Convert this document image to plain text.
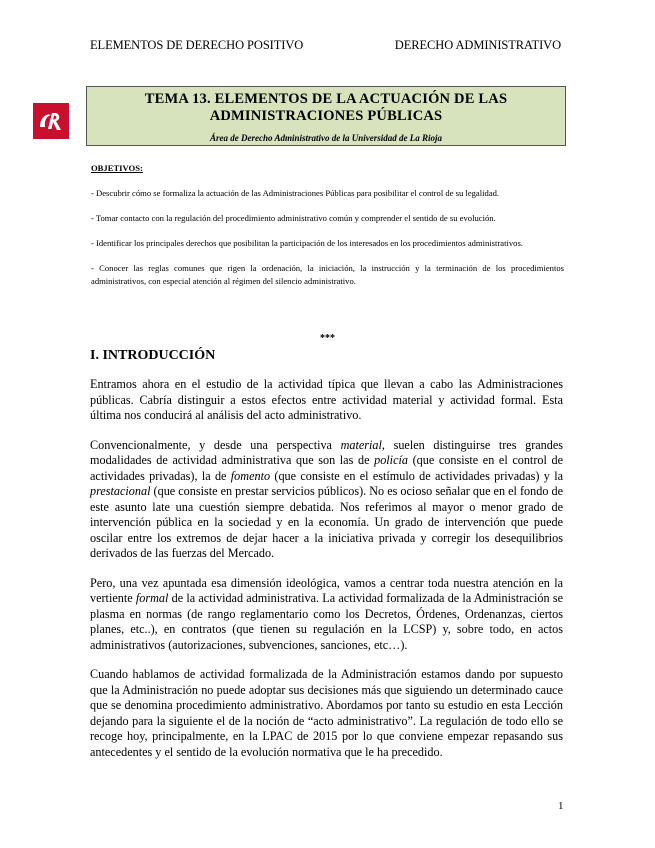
ELEMENTOS DE DERECHO POSITIVO	DERECHO ADMINISTRATIVO
TEMA 13. ELEMENTOS DE LA ACTUACIÓN DE LAS
ADMINISTRACIONES PÚBLICAS
Área de Derecho Administrativo de la Universidad de La Rioja

OBJETIVOS:

- Descubrir cómo se formaliza la actuación de las Administraciones Públicas para posibilitar el control de su legalidad.

- Tomar contacto con la regulación del procedimiento administrativo común y comprender el sentido de su evolución.

- Identificar los principales derechos que posibilitan la participación de los interesados en los procedimientos administrativos.

- Conocer las reglas comunes que rigen la ordenación, la iniciación, la instrucción y la terminación de los procedimientos administrativos, con especial atención al régimen del silencio administrativo.

***
I. INTRODUCCIÓN

Entramos ahora en el estudio de la actividad típica que llevan a cabo las Administraciones públicas. Cabría distinguir a estos efectos entre actividad material y actividad formal. Esta última nos conducirá al análisis del acto administrativo.

Convencionalmente, y desde una perspectiva material, suelen distinguirse tres grandes modalidades de actividad administrativa que son las de policía (que consiste en el control de actividades privadas), la de fomento (que consiste en el estímulo de actividades privadas) y la prestacional (que consiste en prestar servicios públicos). No es ocioso señalar que en el fondo de este asunto late una cuestión siempre debatida. Nos referimos al mayor o menor grado de intervención pública en la sociedad y en la economía. Un grado de intervención que puede oscilar entre los extremos de dejar hacer a la iniciativa privada y corregir los desequilibrios derivados de las fuerzas del Mercado.

Pero, una vez apuntada esa dimensión ideológica, vamos a centrar toda nuestra atención en la vertiente formal de la actividad administrativa. La actividad formalizada de la Administración se plasma en normas (de rango reglamentario como los Decretos, Órdenes, Ordenanzas, ciertos planes, etc..), en contratos (que tienen su regulación en la LCSP) y, sobre todo, en actos administrativos (autorizaciones, subvenciones, sanciones, etc…).

Cuando hablamos de actividad formalizada de la Administración estamos dando por supuesto que la Administración no puede adoptar sus decisiones más que siguiendo un determinado cauce que se denomina procedimiento administrativo. Abordamos por tanto su estudio en esta Lección dejando para la siguiente el de la noción de “acto administrativo”. La regulación de todo ello se recoge hoy, principalmente, en la LPAC de 2015 por lo que conviene empezar repasando sus antecedentes y el sentido de la evolución normativa que le ha precedido.

1
